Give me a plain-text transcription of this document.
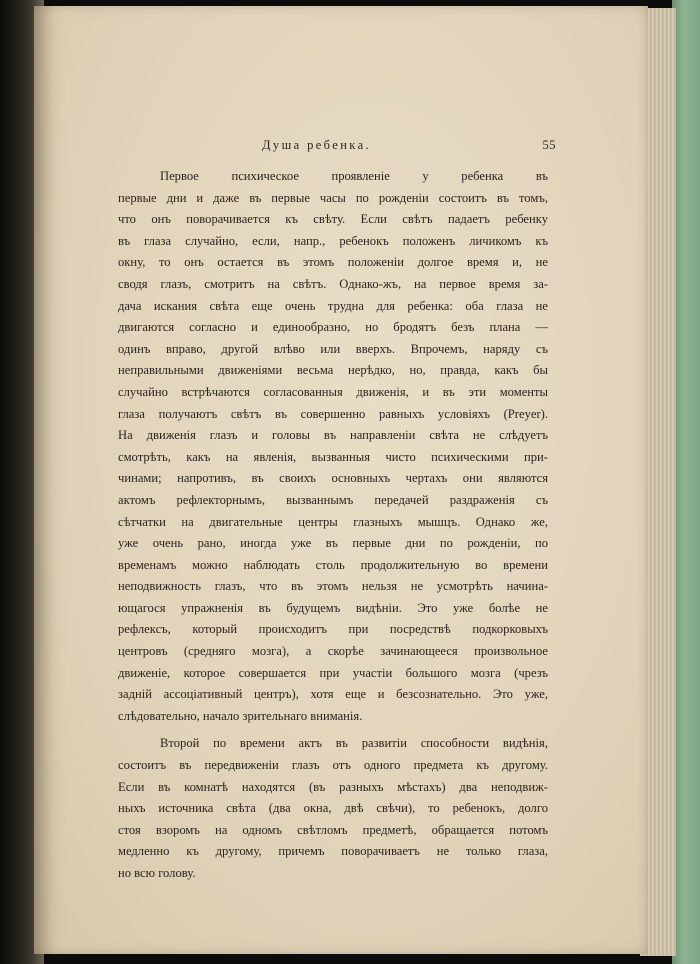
Душа ребенка.	55
Первое психическое проявленіе у ребенка въ
первые дни и даже въ первые часы по рожденіи состоитъ въ томъ,
что онъ поворачивается къ свѣту. Если свѣтъ падаетъ ребенку
въ глаза случайно, если, напр., ребенокъ положенъ личикомъ къ
окну, то онъ остается въ этомъ положеніи долгое время и, не
сводя глазъ, смотритъ на свѣтъ. Однако-жъ, на первое время за-
дача искания свѣта еще очень трудна для ребенка: оба глаза не
двигаются согласно и единообразно, но бродятъ безъ плана —
одинъ вправо, другой влѣво или вверхъ. Впрочемъ, наряду съ
неправильными движеніями весьма нерѣдко, но, правда, какъ бы
случайно встрѣчаются согласованныя движенія, и въ эти моменты
глаза получаютъ свѣтъ въ совершенно равныхъ условіяхъ (Preyer).
На движенія глазъ и головы въ направленіи свѣта не слѣдуетъ
смотрѣть, какъ на явленія, вызванныя чисто психическими при-
чинами; напротивъ, въ своихъ основныхъ чертахъ они являются
актомъ рефлекторнымъ, вызваннымъ передачей раздраженія съ
сѣтчатки на двигательные центры глазныхъ мышцъ. Однако же,
уже очень рано, иногда уже въ первые дни по рожденіи, по
временамъ можно наблюдать столь продолжительную во времени
неподвижность глазъ, что въ этомъ нельзя не усмотрѣть начина-
ющагося упражненія въ будущемъ видѣніи. Это уже болѣе не
рефлексъ, который происходитъ при посредствѣ подкорковыхъ
центровъ (средняго мозга), а скорѣе зачинающееся произвольное
движеніе, которое совершается при участіи большого мозга (чрезъ
задній ассоціативный центръ), хотя еще и безсознательно. Это уже,
слѣдовательно, начало зрительнаго вниманія.
Второй по времени актъ въ развитіи способности видѣнія,
состоитъ въ передвиженіи глазъ отъ одного предмета къ другому.
Если въ комнатѣ находятся (въ разныхъ мѣстахъ) два неподвиж-
ныхъ источника свѣта (два окна, двѣ свѣчи), то ребенокъ, долго
стоя взоромъ на одномъ свѣтломъ предметѣ, обращается потомъ
медленно къ другому, причемъ поворачиваетъ не только глаза,
но всю голову.
